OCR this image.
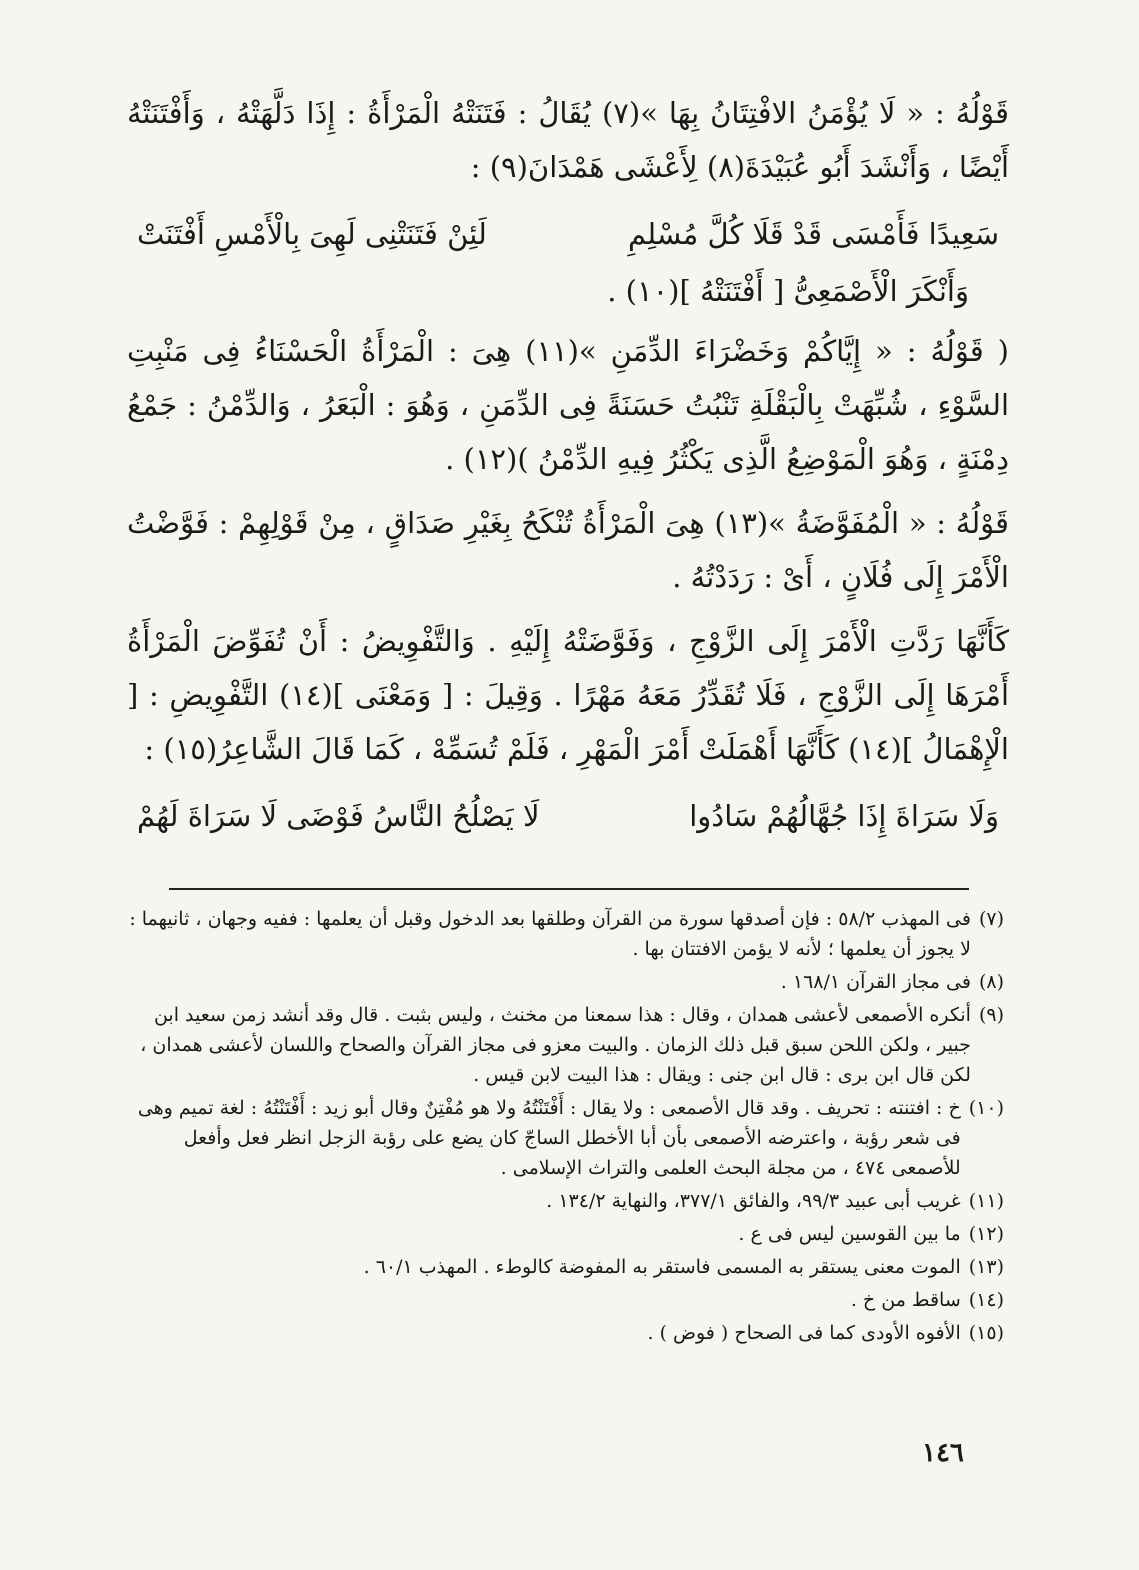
قَوْلُهُ : « لَا يُؤْمَنُ الافْتِتَانُ بِهَا »(٧) يُقَالُ : فَتَنَتْهُ الْمَرْأَةُ : إِذَا دَلَّهَتْهُ ، وَأَفْتَنَتْهُ أَيْضًا ، وَأَنْشَدَ أَبُو عُبَيْدَةَ(٨) لِأَعْشَى هَمْدَانَ(٩) :

لَئِنْ فَتَنَتْنِى لَهِىَ بِالْأَمْسِ أَفْتَنَتْ	سَعِيدًا فَأَمْسَى قَدْ قَلَا كُلَّ مُسْلِمِ
وَأَنْكَرَ الْأَصْمَعِىُّ [ أَفْتَنَتْهُ ](١٠) .

( قَوْلُهُ : « إِيَّاكُمْ وَخَضْرَاءَ الدِّمَنِ »(١١) هِىَ : الْمَرْأَةُ الْحَسْنَاءُ فِى مَنْبِتِ السَّوْءِ ، شُبِّهَتْ بِالْبَقْلَةِ تَنْبُتُ حَسَنَةً فِى الدِّمَنِ ، وَهُوَ : الْبَعَرُ ، وَالدِّمْنُ : جَمْعُ دِمْنَةٍ ، وَهُوَ الْمَوْضِعُ الَّذِى يَكْثُرُ فِيهِ الدِّمْنُ )(١٢) .

قَوْلُهُ : « الْمُفَوَّضَةُ »(١٣) هِىَ الْمَرْأَةُ تُنْكَحُ بِغَيْرِ صَدَاقٍ ، مِنْ قَوْلِهِمْ : فَوَّضْتُ الْأَمْرَ إِلَى فُلَانٍ ، أَىْ : رَدَدْتُهُ .

كَأَنَّهَا رَدَّتِ الْأَمْرَ إِلَى الزَّوْجِ ، وَفَوَّضَتْهُ إِلَيْهِ . وَالتَّفْوِيضُ : أَنْ تُفَوِّضَ الْمَرْأَةُ أَمْرَهَا إِلَى الزَّوْجِ ، فَلَا تُقَدِّرُ مَعَهُ مَهْرًا . وَقِيلَ : [ وَمَعْنَى ](١٤) التَّفْوِيضِ : [ الْإِهْمَالُ ](١٤) كَأَنَّهَا أَهْمَلَتْ أَمْرَ الْمَهْرِ ، فَلَمْ تُسَمِّهْ ، كَمَا قَالَ الشَّاعِرُ(١٥) :

لَا يَصْلُحُ النَّاسُ فَوْضَى لَا سَرَاةَ لَهُمْ	وَلَا سَرَاةَ إِذَا جُهَّالُهُمْ سَادُوا
(٧)
فى المهذب ٥٨/٢ : فإن أصدقها سورة من القرآن وطلقها بعد الدخول وقبل أن يعلمها : ففيه وجهان ، ثانيهما : لا يجوز أن يعلمها ؛ لأنه لا يؤمن الافتتان بها .
(٨)
فى مجاز القرآن ١٦٨/١ .
(٩)
أنكره الأصمعى لأعشى همدان ، وقال : هذا سمعنا من مخنث ، وليس بثبت . قال وقد أنشد زمن سعيد ابن جبير ، ولكن اللحن سبق قبل ذلك الزمان . والبيت معزو فى مجاز القرآن والصحاح واللسان لأعشى همدان ، لكن قال ابن برى : قال ابن جنى : ويقال : هذا البيت لابن قيس .
(١٠)
خ : افتنته : تحريف . وقد قال الأصمعى : ولا يقال : أَفْتَنْتُهُ ولا هو مُفْتِنٌ وقال أبو زيد : أَفْتَنْتُهُ : لغة تميم وهى فى شعر رؤبة ، واعترضه الأصمعى بأن أبا الأخطل الساجّ كان يضع على رؤبة الزجل انظر فعل وأفعل للأصمعى ٤٧٤ ، من مجلة البحث العلمى والتراث الإسلامى .
(١١)
غريب أبى عبيد ٩٩/٣، والفائق ٣٧٧/١، والنهاية ١٣٤/٢ .
(١٢)
ما بين القوسين ليس فى ع .
(١٣)
الموت معنى يستقر به المسمى فاستقر به المفوضة كالوطء . المهذب ٦٠/١ .
(١٤)
ساقط من خ .
(١٥)
الأفوه الأودى كما فى الصحاح ( فوض ) .
١٤٦
